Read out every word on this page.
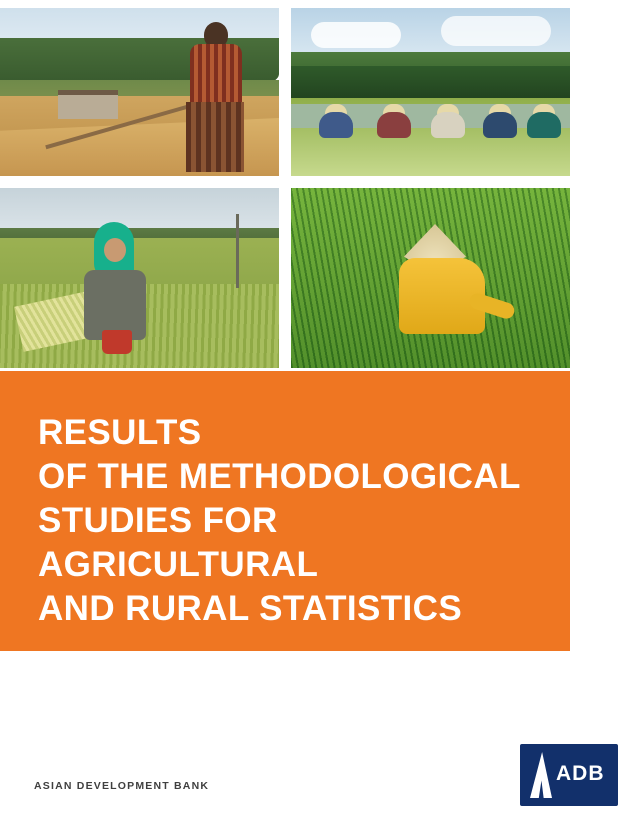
RESULTS
OF THE METHODOLOGICAL
STUDIES FOR AGRICULTURAL
AND RURAL STATISTICS
ASIAN DEVELOPMENT BANK
ADB
